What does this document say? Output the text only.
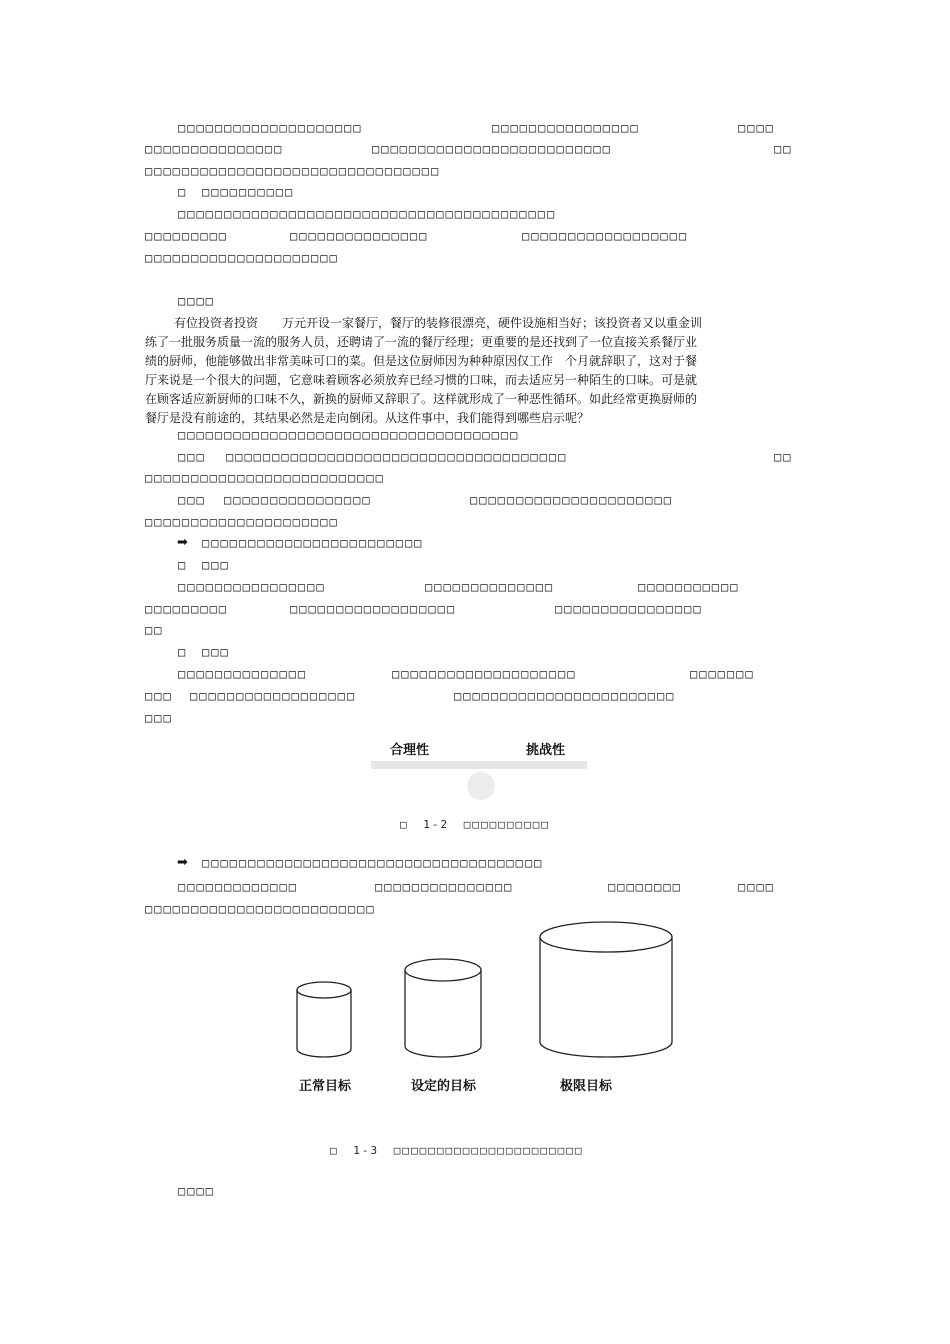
□□□□□□□□□□□□□□□□□□□□	□□□□□□□□□□□□□□□□	□□□□
□□□□□□□□□□□□□□□	□□□□□□□□□□□□□□□□□□□□□□□□□□	□□
□□□□□□□□□□□□□□□□□□□□□□□□□□□□□□□□
□ □□□□□□□□□□
□□□□□□□□□□□□□□□□□□□□□□□□□□□□□□□□□□□□□□□□□
□□□□□□□□□	□□□□□□□□□□□□□□□	□□□□□□□□□□□□□□□□□□
□□□□□□□□□□□□□□□□□□□□□
□□□□

有位投资者投资　　万元开设一家餐厅，餐厅的装修很漂亮，硬件设施相当好；该投资者又以重金训

练了一批服务质量一流的服务人员，还聘请了一流的餐厅经理；更重要的是还找到了一位直接关系餐厅业

绩的厨师，他能够做出非常美味可口的菜。但是这位厨师因为种种原因仅工作　个月就辞职了，这对于餐

厅来说是一个很大的问题，它意味着顾客必须放弃已经习惯的口味，而去适应另一种陌生的口味。可是就

在顾客适应新厨师的口味不久，新换的厨师又辞职了。这样就形成了一种恶性循环。如此经常更换厨师的

餐厅是没有前途的，其结果必然是走向倒闭。从这件事中，我们能得到哪些启示呢？

□□□□□□□□□□□□□□□□□□□□□□□□□□□□□□□□□□□□□
□□□ □□□□□□□□□□□□□□□□□□□□□□□□□□□□□□□□□□□□□	□□
□□□□□□□□□□□□□□□□□□□□□□□□□□
□□□ □□□□□□□□□□□□□□□□	□□□□□□□□□□□□□□□□□□□□□□
□□□□□□□□□□□□□□□□□□□□□
➡ □□□□□□□□□□□□□□□□□□□□□□□□
□ □□□
□□□□□□□□□□□□□□□□	□□□□□□□□□□□□□□	□□□□□□□□□□□
□□□□□□□□□	□□□□□□□□□□□□□□□□□□	□□□□□□□□□□□□□□□□
□□
□ □□□
□□□□□□□□□□□□□□	□□□□□□□□□□□□□□□□□□□□	□□□□□□□
□□□ □□□□□□□□□□□□□□□□□□	□□□□□□□□□□□□□□□□□□□□□□□□
□□□
合理性	挑战性
□ 1-2 □□□□□□□□□□
➡ □□□□□□□□□□□□□□□□□□□□□□□□□□□□□□□□□□□□□
□□□□□□□□□□□□□	□□□□□□□□□□□□□□□	□□□□□□□□	□□□□
□□□□□□□□□□□□□□□□□□□□□□□□□
正常目标	设定的目标	极限目标
□ 1-3 □□□□□□□□□□□□□□□□□□□□□□
□□□□
